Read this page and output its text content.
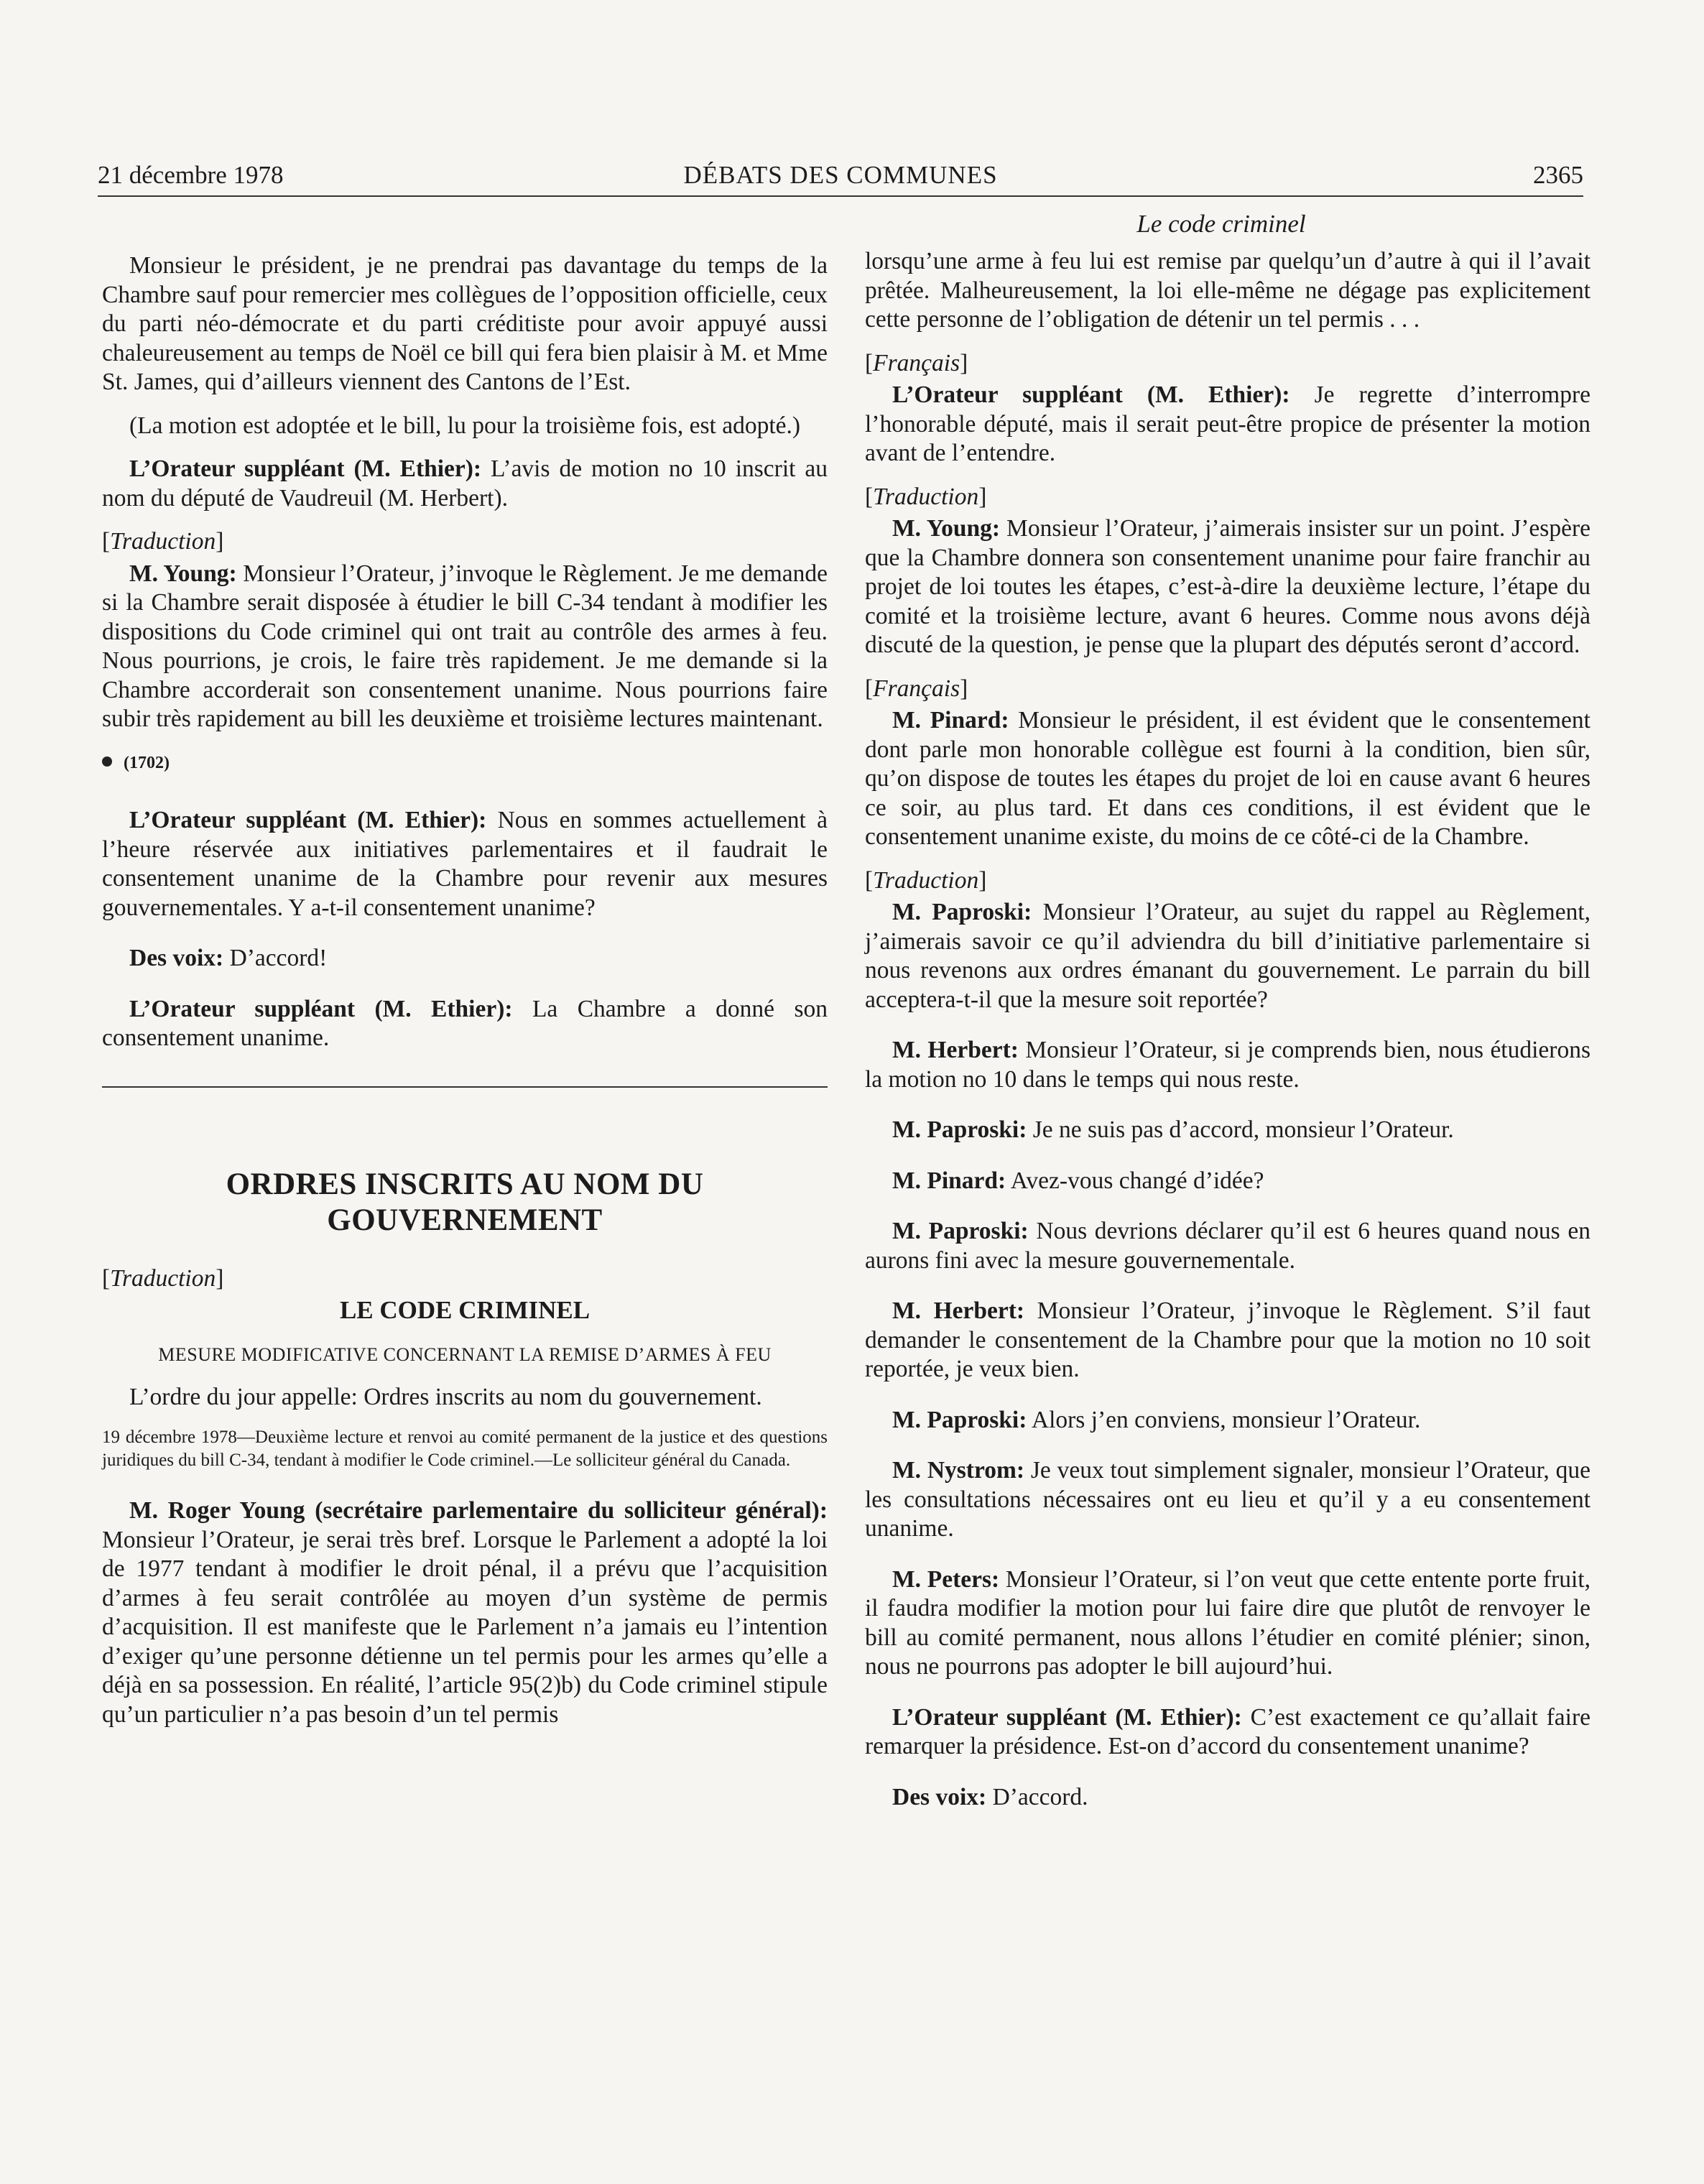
21 décembre 1978	DÉBATS DES COMMUNES	2365
Le code criminel

Monsieur le président, je ne prendrai pas davantage du temps de la Chambre sauf pour remercier mes collègues de l’opposition officielle, ceux du parti néo-démocrate et du parti créditiste pour avoir appuyé aussi chaleureusement au temps de Noël ce bill qui fera bien plaisir à M. et Mme St. James, qui d’ailleurs viennent des Cantons de l’Est.

(La motion est adoptée et le bill, lu pour la troisième fois, est adopté.)

L’Orateur suppléant (M. Ethier): L’avis de motion no 10 inscrit au nom du député de Vaudreuil (M. Herbert).

[Traduction]

M. Young: Monsieur l’Orateur, j’invoque le Règlement. Je me demande si la Chambre serait disposée à étudier le bill C-34 tendant à modifier les dispositions du Code criminel qui ont trait au contrôle des armes à feu. Nous pourrions, je crois, le faire très rapidement. Je me demande si la Chambre accorderait son consentement unanime. Nous pourrions faire subir très rapidement au bill les deuxième et troisième lectures maintenant.

(1702)

L’Orateur suppléant (M. Ethier): Nous en sommes actuellement à l’heure réservée aux initiatives parlementaires et il faudrait le consentement unanime de la Chambre pour revenir aux mesures gouvernementales. Y a-t-il consentement unanime?

Des voix: D’accord!

L’Orateur suppléant (M. Ethier): La Chambre a donné son consentement unanime.

ORDRES INSCRITS AU NOM DU GOUVERNEMENT

[Traduction]

LE CODE CRIMINEL
MESURE MODIFICATIVE CONCERNANT LA REMISE D’ARMES À FEU

L’ordre du jour appelle: Ordres inscrits au nom du gouvernement.

19 décembre 1978—Deuxième lecture et renvoi au comité permanent de la justice et des questions juridiques du bill C-34, tendant à modifier le Code criminel.—Le solliciteur général du Canada.

M. Roger Young (secrétaire parlementaire du solliciteur général): Monsieur l’Orateur, je serai très bref. Lorsque le Parlement a adopté la loi de 1977 tendant à modifier le droit pénal, il a prévu que l’acquisition d’armes à feu serait contrôlée au moyen d’un système de permis d’acquisition. Il est manifeste que le Parlement n’a jamais eu l’intention d’exiger qu’une personne détienne un tel permis pour les armes qu’elle a déjà en sa possession. En réalité, l’article 95(2)b) du Code criminel stipule qu’un particulier n’a pas besoin d’un tel permis

lorsqu’une arme à feu lui est remise par quelqu’un d’autre à qui il l’avait prêtée. Malheureusement, la loi elle-même ne dégage pas explicitement cette personne de l’obligation de détenir un tel permis . . .

[Français]

L’Orateur suppléant (M. Ethier): Je regrette d’interrompre l’honorable député, mais il serait peut-être propice de présenter la motion avant de l’entendre.

[Traduction]

M. Young: Monsieur l’Orateur, j’aimerais insister sur un point. J’espère que la Chambre donnera son consentement unanime pour faire franchir au projet de loi toutes les étapes, c’est-à-dire la deuxième lecture, l’étape du comité et la troisième lecture, avant 6 heures. Comme nous avons déjà discuté de la question, je pense que la plupart des députés seront d’accord.

[Français]

M. Pinard: Monsieur le président, il est évident que le consentement dont parle mon honorable collègue est fourni à la condition, bien sûr, qu’on dispose de toutes les étapes du projet de loi en cause avant 6 heures ce soir, au plus tard. Et dans ces conditions, il est évident que le consentement unanime existe, du moins de ce côté-ci de la Chambre.

[Traduction]

M. Paproski: Monsieur l’Orateur, au sujet du rappel au Règlement, j’aimerais savoir ce qu’il adviendra du bill d’initiative parlementaire si nous revenons aux ordres émanant du gouvernement. Le parrain du bill acceptera-t-il que la mesure soit reportée?

M. Herbert: Monsieur l’Orateur, si je comprends bien, nous étudierons la motion no 10 dans le temps qui nous reste.

M. Paproski: Je ne suis pas d’accord, monsieur l’Orateur.

M. Pinard: Avez-vous changé d’idée?

M. Paproski: Nous devrions déclarer qu’il est 6 heures quand nous en aurons fini avec la mesure gouvernementale.

M. Herbert: Monsieur l’Orateur, j’invoque le Règlement. S’il faut demander le consentement de la Chambre pour que la motion no 10 soit reportée, je veux bien.

M. Paproski: Alors j’en conviens, monsieur l’Orateur.

M. Nystrom: Je veux tout simplement signaler, monsieur l’Orateur, que les consultations nécessaires ont eu lieu et qu’il y a eu consentement unanime.

M. Peters: Monsieur l’Orateur, si l’on veut que cette entente porte fruit, il faudra modifier la motion pour lui faire dire que plutôt de renvoyer le bill au comité permanent, nous allons l’étudier en comité plénier; sinon, nous ne pourrons pas adopter le bill aujourd’hui.

L’Orateur suppléant (M. Ethier): C’est exactement ce qu’allait faire remarquer la présidence. Est-on d’accord du consentement unanime?

Des voix: D’accord.
